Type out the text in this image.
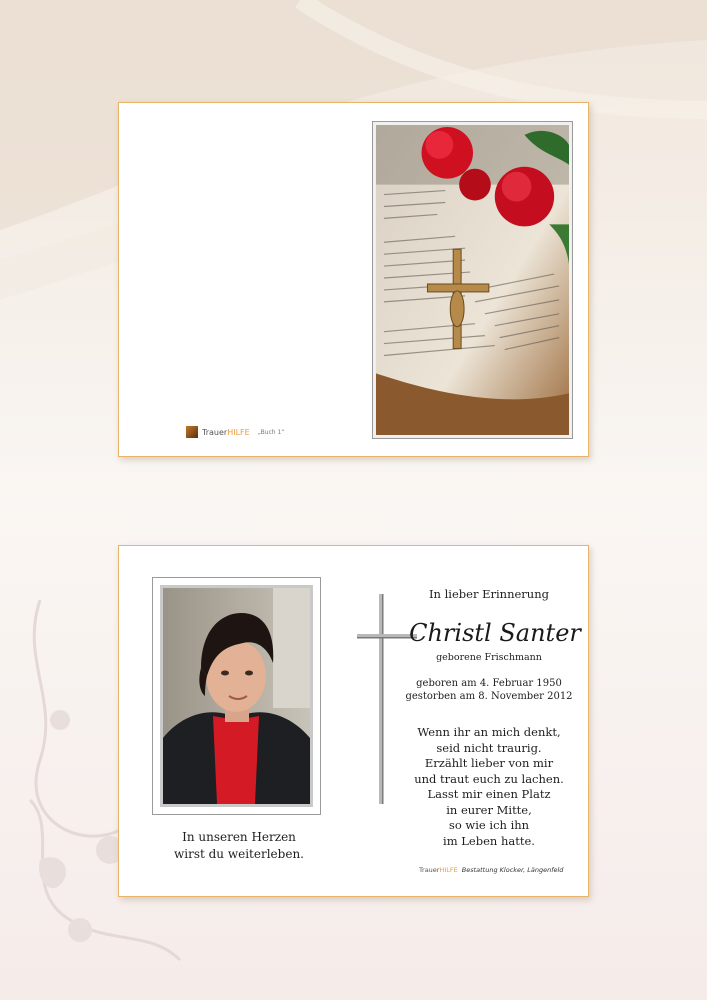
Trauer HILFE „Buch 1“
In unseren Herzen
wirst du weiterleben.
In lieber Erinnerung
Christl Santer
geborene Frischmann
geboren am 4. Februar 1950
gestorben am 8. November 2012
Wenn ihr an mich denkt,
seid nicht traurig.
Erzählt lieber von mir
und traut euch zu lachen.
Lasst mir einen Platz
in eurer Mitte,
so wie ich ihn
im Leben hatte.
Trauer HILFE Bestattung Klocker, Längenfeld
